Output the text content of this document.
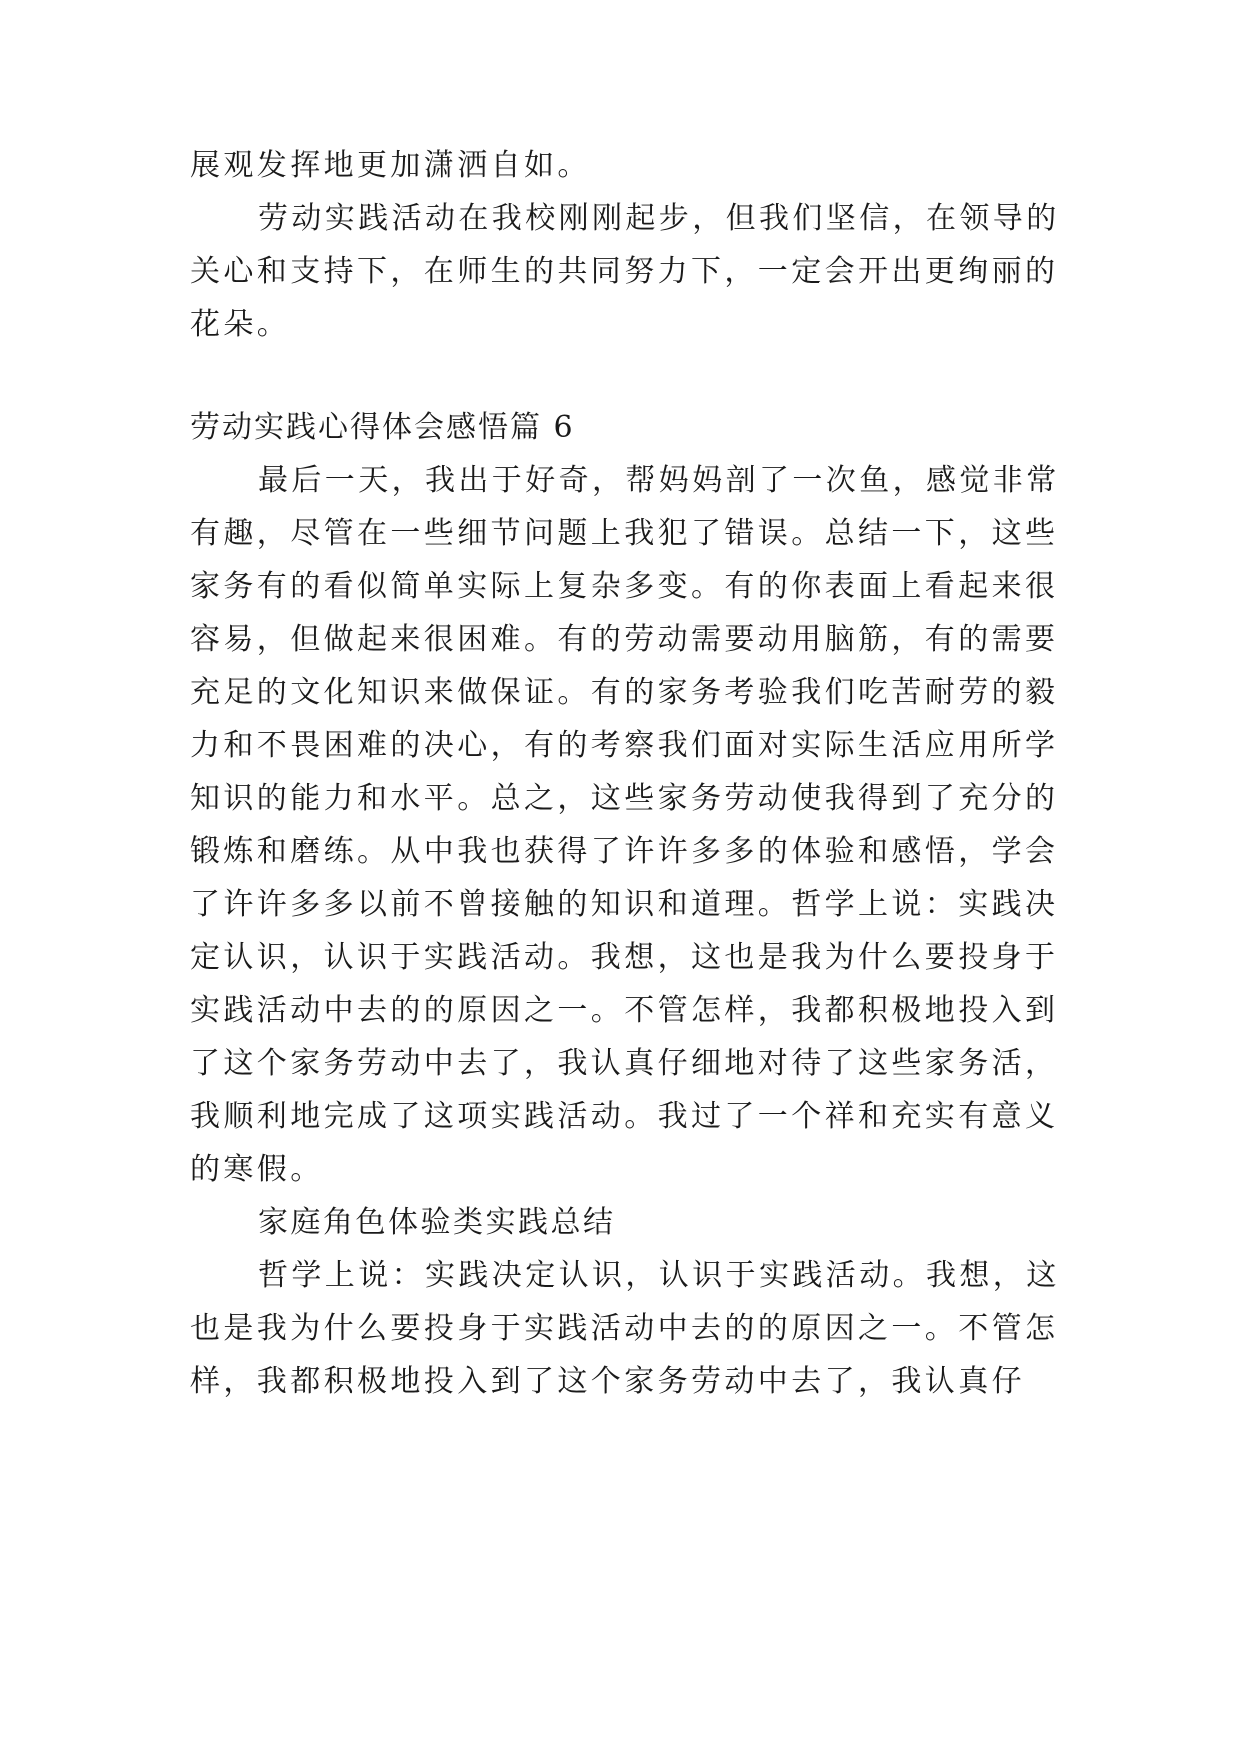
展观发挥地更加潇洒自如。

劳动实践活动在我校刚刚起步，但我们坚信，在领导的

关心和支持下，在师生的共同努力下，一定会开出更绚丽的

花朵。

劳动实践心得体会感悟篇 6

最后一天，我出于好奇，帮妈妈剖了一次鱼，感觉非常

有趣，尽管在一些细节问题上我犯了错误。总结一下，这些

家务有的看似简单实际上复杂多变。有的你表面上看起来很

容易，但做起来很困难。有的劳动需要动用脑筋，有的需要

充足的文化知识来做保证。有的家务考验我们吃苦耐劳的毅

力和不畏困难的决心，有的考察我们面对实际生活应用所学

知识的能力和水平。总之，这些家务劳动使我得到了充分的

锻炼和磨练。从中我也获得了许许多多的体验和感悟，学会

了许许多多以前不曾接触的知识和道理。哲学上说：实践决

定认识，认识于实践活动。我想，这也是我为什么要投身于

实践活动中去的的原因之一。不管怎样，我都积极地投入到

了这个家务劳动中去了，我认真仔细地对待了这些家务活，

我顺利地完成了这项实践活动。我过了一个祥和充实有意义

的寒假。

家庭角色体验类实践总结

哲学上说：实践决定认识，认识于实践活动。我想，这

也是我为什么要投身于实践活动中去的的原因之一。不管怎

样，我都积极地投入到了这个家务劳动中去了，我认真仔
